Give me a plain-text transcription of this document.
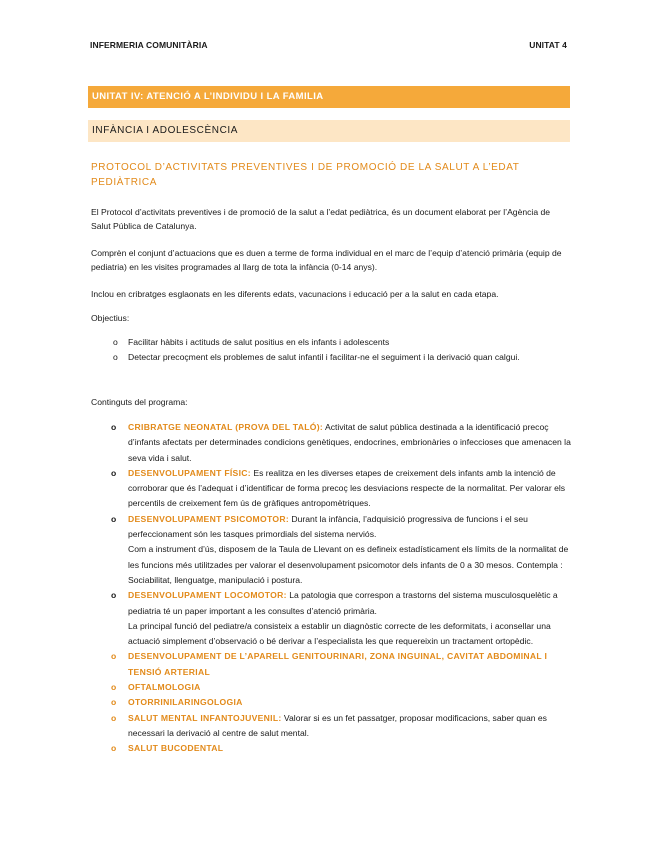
INFERMERIA COMUNITÀRIA	UNITAT 4
UNITAT IV: ATENCIÓ A L’INDIVIDU I LA FAMILIA
INFÀNCIA I ADOLESCÈNCIA
PROTOCOL D’ACTIVITATS PREVENTIVES I DE PROMOCIÓ DE LA SALUT A L’EDAT PEDIÀTRICA
El Protocol d’activitats preventives i de promoció de la salut a l’edat pediàtrica, és un document elaborat per l’Agència de Salut Pública de Catalunya.
Comprèn el conjunt d’actuacions que es duen a terme de forma individual en el marc de l’equip d’atenció primària (equip de pediatria) en les visites programades al llarg de tota la infància (0-14 anys).
Inclou en cribratges esglaonats en les diferents edats, vacunacions i educació per a la salut en cada etapa.
Objectius:
o Facilitar hàbits i actituds de salut positius en els infants i adolescents
o Detectar precoçment els problemes de salut infantil i facilitar-ne el seguiment i la derivació quan calgui.
Continguts del programa:
o CRIBRATGE NEONATAL (PROVA DEL TALÓ): Activitat de salut pública destinada a la identificació precoç d’infants afectats per determinades condicions genètiques, endocrines, embrionàries o infeccioses que amenacen la seva vida i salut.
o DESENVOLUPAMENT FÍSIC: Es realitza en les diverses etapes de creixement dels infants amb la intenció de corroborar que és l’adequat i d’identificar de forma precoç les desviacions respecte de la normalitat. Per valorar els percentils de creixement fem ús de gràfiques antropomètriques.
o DESENVOLUPAMENT PSICOMOTOR: Durant la infància, l’adquisició progressiva de funcions i el seu perfeccionament són les tasques primordials del sistema nerviós.
Com a instrument d’ús, disposem de la Taula de Llevant on es defineix estadísticament els límits de la normalitat de les funcions més utilitzades per valorar el desenvolupament psicomotor dels infants de 0 a 30 mesos. Contempla : Sociabilitat, llenguatge, manipulació i postura.
o DESENVOLUPAMENT LOCOMOTOR: La patologia que correspon a trastorns del sistema musculosquelètic a pediatria té un paper important a les consultes d’atenció primària.
La principal funció del pediatre/a consisteix a establir un diagnòstic correcte de les deformitats, i aconsellar una actuació simplement d’observació o bé derivar a l’especialista les que requereixin un tractament ortopèdic.
o DESENVOLUPAMENT DE L’APARELL GENITOURINARI, ZONA INGUINAL, CAVITAT ABDOMINAL I TENSIÓ ARTERIAL
o OFTALMOLOGIA
o OTORRINILARINGOLOGIA
o SALUT MENTAL INFANTOJUVENIL: Valorar si es un fet passatger, proposar modificacions, saber quan es necessari la derivació al centre de salut mental.
o SALUT BUCODENTAL
